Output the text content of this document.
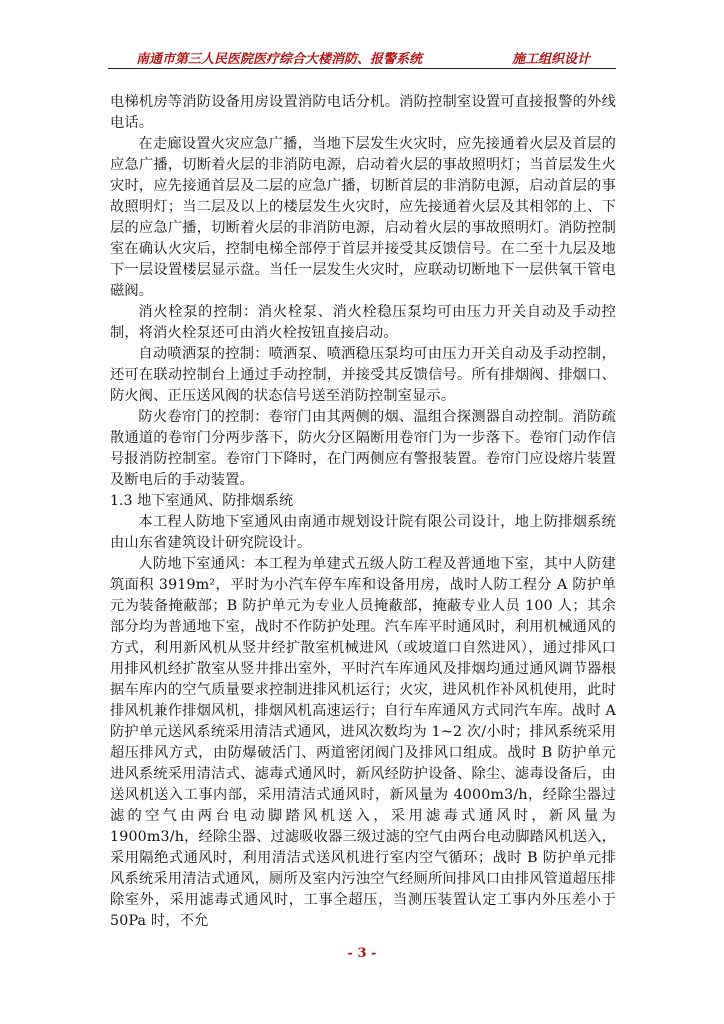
南通市第三人民医院医疗综合大楼消防、报警系统	施工组织设计

电梯机房等消防设备用房设置消防电话分机。消防控制室设置可直接报警的外线电话。

在走廊设置火灾应急广播，当地下层发生火灾时，应先接通着火层及首层的应急广播，切断着火层的非消防电源，启动着火层的事故照明灯；当首层发生火灾时，应先接通首层及二层的应急广播，切断首层的非消防电源，启动首层的事故照明灯；当二层及以上的楼层发生火灾时，应先接通着火层及其相邻的上、下层的应急广播，切断着火层的非消防电源，启动着火层的事故照明灯。消防控制室在确认火灾后，控制电梯全部停于首层并接受其反馈信号。在二至十九层及地下一层设置楼层显示盘。当任一层发生火灾时，应联动切断地下一层供氧干管电磁阀。

消火栓泵的控制：消火栓泵、消火栓稳压泵均可由压力开关自动及手动控制，将消火栓泵还可由消火栓按钮直接启动。

自动喷洒泵的控制：喷洒泵、喷洒稳压泵均可由压力开关自动及手动控制，还可在联动控制台上通过手动控制，并接受其反馈信号。所有排烟阀、排烟口、防火阀、正压送风阀的状态信号送至消防控制室显示。

防火卷帘门的控制：卷帘门由其两侧的烟、温组合探测器自动控制。消防疏散通道的卷帘门分两步落下，防火分区隔断用卷帘门为一步落下。卷帘门动作信号报消防控制室。卷帘门下降时，在门两侧应有警报装置。卷帘门应设熔片装置及断电后的手动装置。

1.3 地下室通风、防排烟系统

本工程人防地下室通风由南通市规划设计院有限公司设计，地上防排烟系统由山东省建筑设计研究院设计。

人防地下室通风：本工程为单建式五级人防工程及普通地下室，其中人防建筑面积 3919m²，平时为小汽车停车库和设备用房，战时人防工程分 A 防护单元为装备掩蔽部；B 防护单元为专业人员掩蔽部，掩蔽专业人员 100 人；其余部分均为普通地下室，战时不作防护处理。汽车库平时通风时，利用机械通风的方式，利用新风机从竖井经扩散室机械进风（或坡道口自然进风），通过排风口用排风机经扩散室从竖井排出室外，平时汽车库通风及排烟均通过通风调节器根据车库内的空气质量要求控制进排风机运行；火灾，进风机作补风机使用，此时排风机兼作排烟风机，排烟风机高速运行；自行车库通风方式同汽车库。战时 A 防护单元送风系统采用清洁式通风，进风次数均为 1~2 次/小时；排风系统采用超压排风方式，由防爆破活门、两道密闭阀门及排风口组成。战时 B 防护单元进风系统采用清洁式、滤毒式通风时，新风经防护设备、除尘、滤毒设备后，由送风机送入工事内部，采用清洁式通风时，新风量为 4000m3/h，经除尘器过滤的空气由两台电动脚踏风机送入，采用滤毒式通风时，新风量为 1900m3/h，经除尘器、过滤吸收器三级过滤的空气由两台电动脚踏风机送入，采用隔绝式通风时，利用清洁式送风机进行室内空气循环；战时 B 防护单元排风系统采用清洁式通风，厕所及室内污浊空气经厕所间排风口由排风管道超压排除室外，采用滤毒式通风时，工事全超压，当测压装置认定工事内外压差小于 50Pa 时，不允

- 3 -
